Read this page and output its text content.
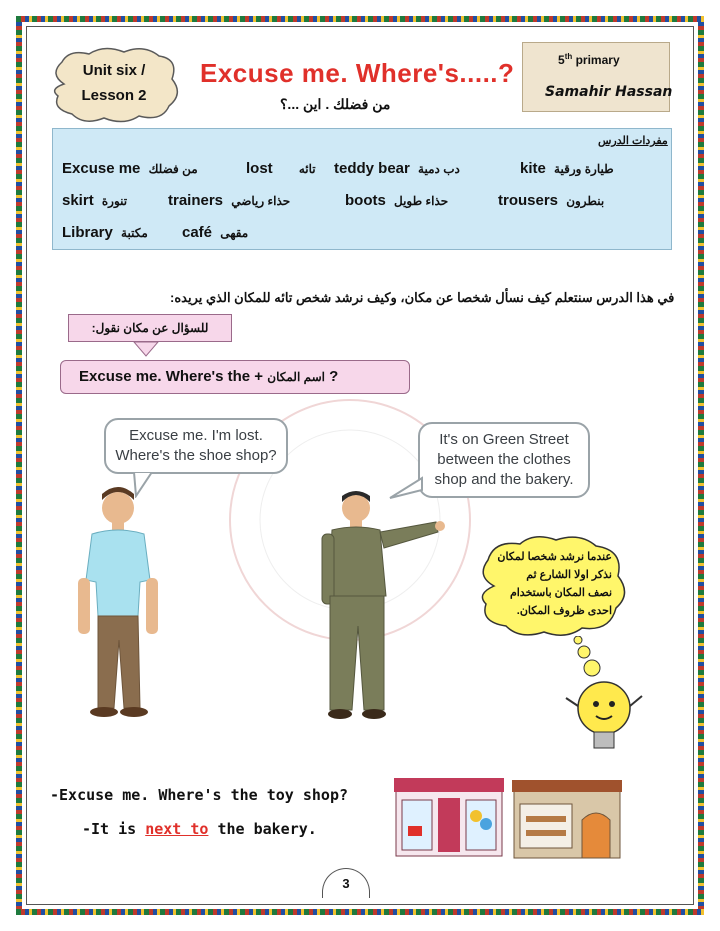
Unit six /
Lesson 2
Excuse me. Where's.....?
من فضلك . اين ...؟
5th primary
Samahir Hassan
مفردات الدرس
Excuse me من فضلك	lost تائه teddy bear دب دمية	kite طيارة ورقية
skirt تنورة	trainers حذاء رياضي	boots حذاء طويل	trousers بنطرون
Library مكتبة café مقهى
في هذا الدرس سنتعلم كيف نسأل شخصا عن مكان، وكيف نرشد شخص تائه للمكان الذي يريده:
للسؤال عن مكان نقول:
Excuse me. Where's the + اسم المكان ?
Excuse me. I'm lost.
Where's the shoe shop?
It's on Green Street
between the clothes
shop and the bakery.
عندما نرشد شخصا لمكان
نذكر اولا الشارع ثم
نصف المكان باستخدام
احدى ظروف المكان.
-Excuse me. Where's the toy shop?
-It is next to the bakery.
3
